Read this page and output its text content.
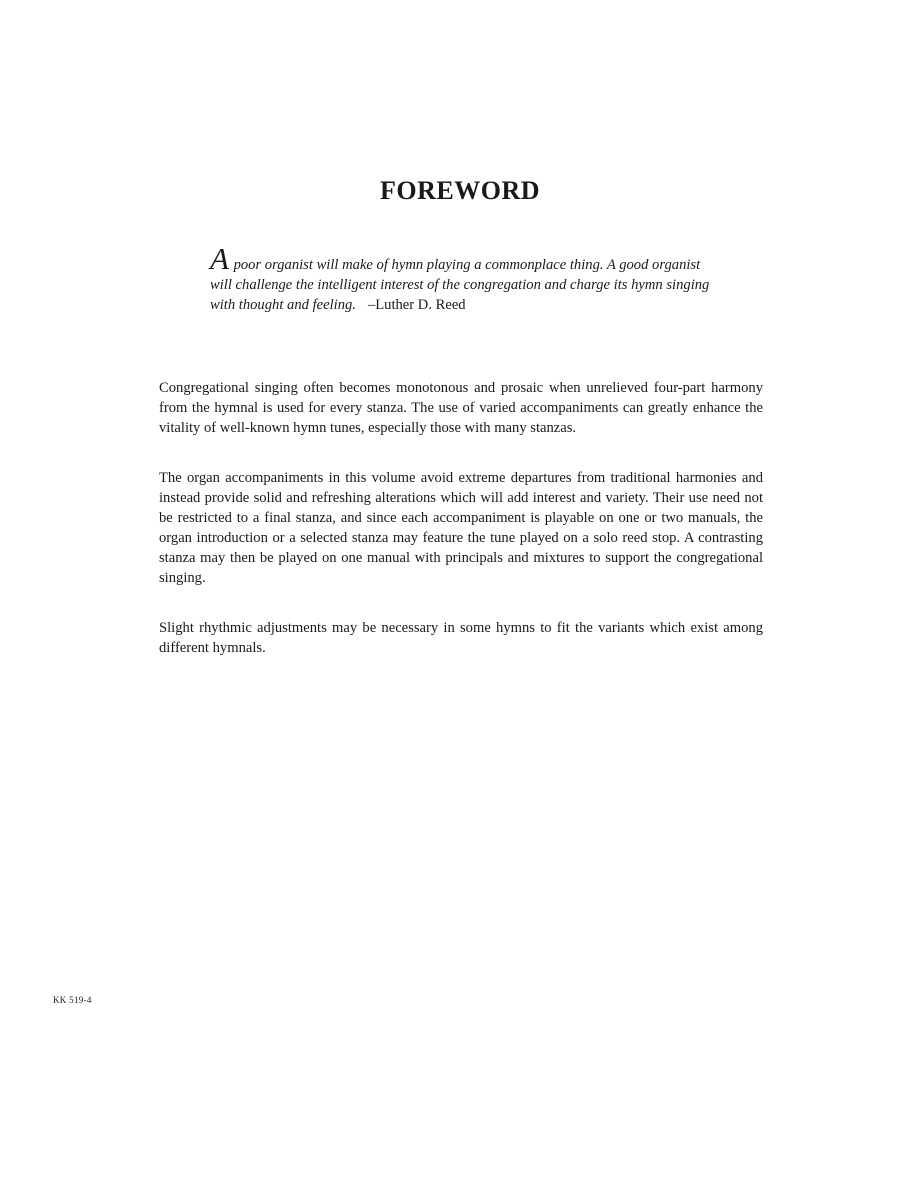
FOREWORD
A poor organist will make of hymn playing a commonplace thing. A good organist will challenge the intelligent interest of the congregation and charge its hymn singing with thought and feeling. –Luther D. Reed

Congregational singing often becomes monotonous and prosaic when unrelieved four-part harmony from the hymnal is used for every stanza. The use of varied accompaniments can greatly enhance the vitality of well-known hymn tunes, especially those with many stanzas.

The organ accompaniments in this volume avoid extreme departures from traditional harmonies and instead provide solid and refreshing alterations which will add interest and variety. Their use need not be restricted to a final stanza, and since each accompaniment is playable on one or two manuals, the organ introduction or a selected stanza may feature the tune played on a solo reed stop. A contrasting stanza may then be played on one manual with principals and mixtures to support the congregational singing.

Slight rhythmic adjustments may be necessary in some hymns to fit the variants which exist among different hymnals.

KK 519-4
